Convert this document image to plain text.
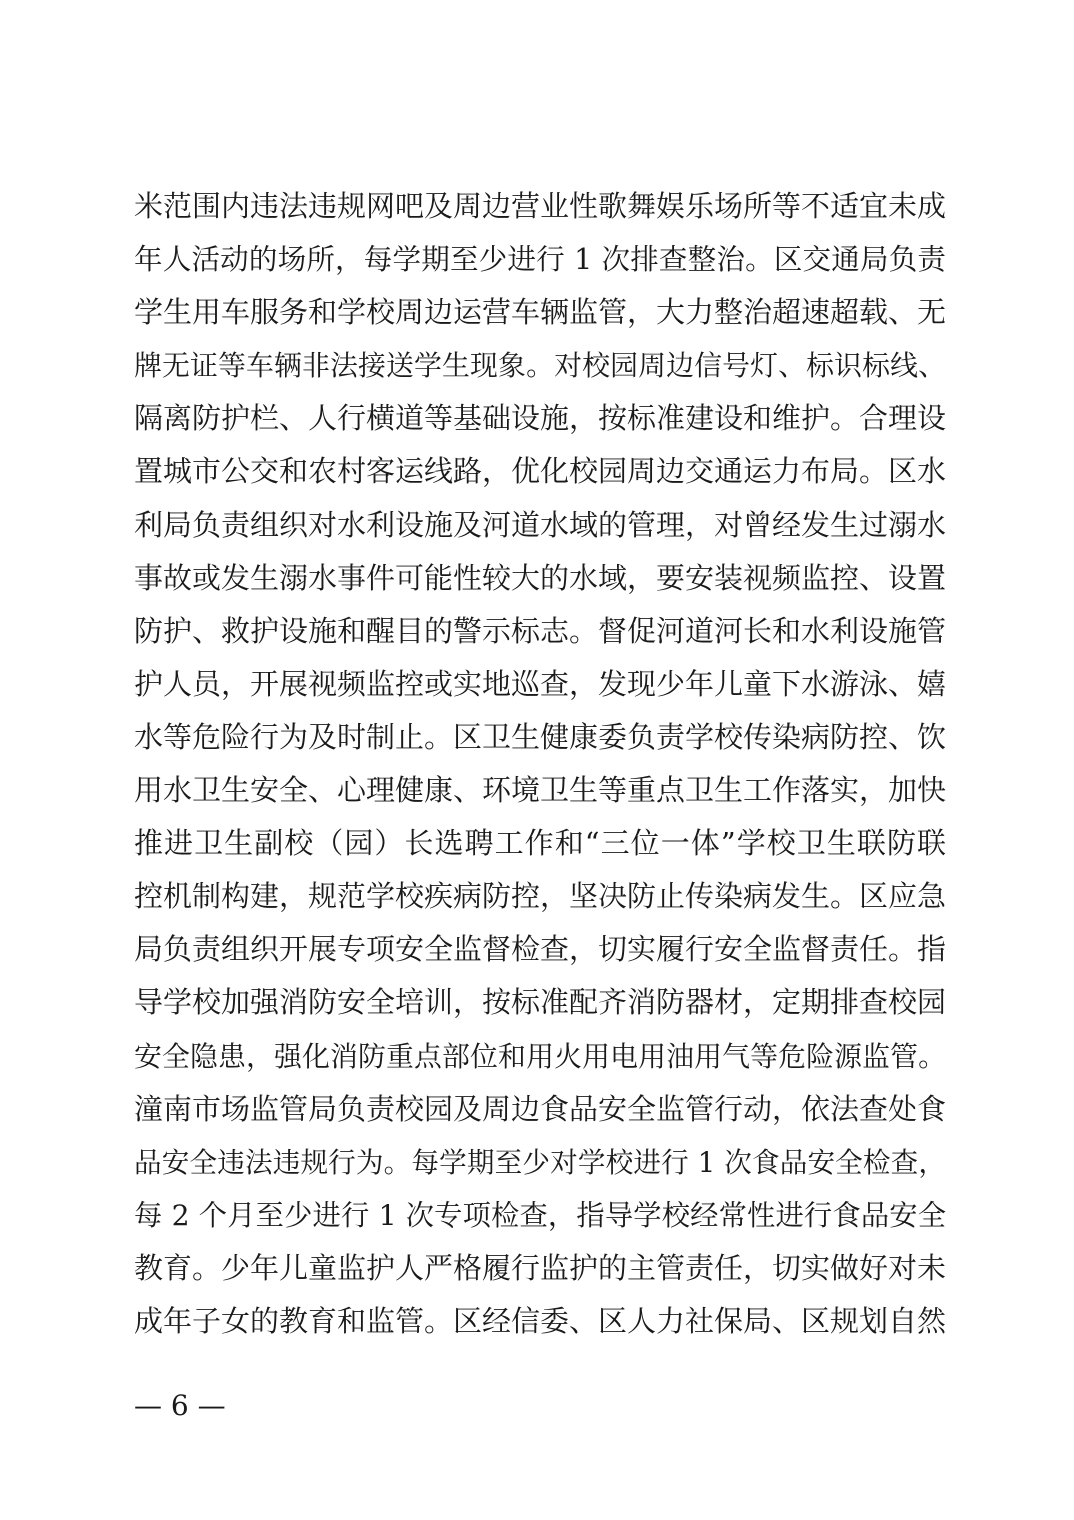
米范围内违法违规网吧及周边营业性歌舞娱乐场所等不适宜未成
年人活动的场所，每学期至少进行 1 次排查整治。区交通局负责
学生用车服务和学校周边运营车辆监管，大力整治超速超载、无
牌无证等车辆非法接送学生现象。对校园周边信号灯、标识标线、
隔离防护栏、人行横道等基础设施，按标准建设和维护。合理设
置城市公交和农村客运线路，优化校园周边交通运力布局。区水
利局负责组织对水利设施及河道水域的管理，对曾经发生过溺水
事故或发生溺水事件可能性较大的水域，要安装视频监控、设置
防护、救护设施和醒目的警示标志。督促河道河长和水利设施管
护人员，开展视频监控或实地巡查，发现少年儿童下水游泳、嬉
水等危险行为及时制止。区卫生健康委负责学校传染病防控、饮
用水卫生安全、心理健康、环境卫生等重点卫生工作落实，加快
推进卫生副校（园）长选聘工作和“三位一体”学校卫生联防联
控机制构建，规范学校疾病防控，坚决防止传染病发生。区应急
局负责组织开展专项安全监督检查，切实履行安全监督责任。指
导学校加强消防安全培训，按标准配齐消防器材，定期排查校园
安全隐患，强化消防重点部位和用火用电用油用气等危险源监管。
潼南市场监管局负责校园及周边食品安全监管行动，依法查处食
品安全违法违规行为。每学期至少对学校进行 1 次食品安全检查，
每 2 个月至少进行 1 次专项检查，指导学校经常性进行食品安全
教育。少年儿童监护人严格履行监护的主管责任，切实做好对未
成年子女的教育和监管。区经信委、区人力社保局、区规划自然
— 6 —
